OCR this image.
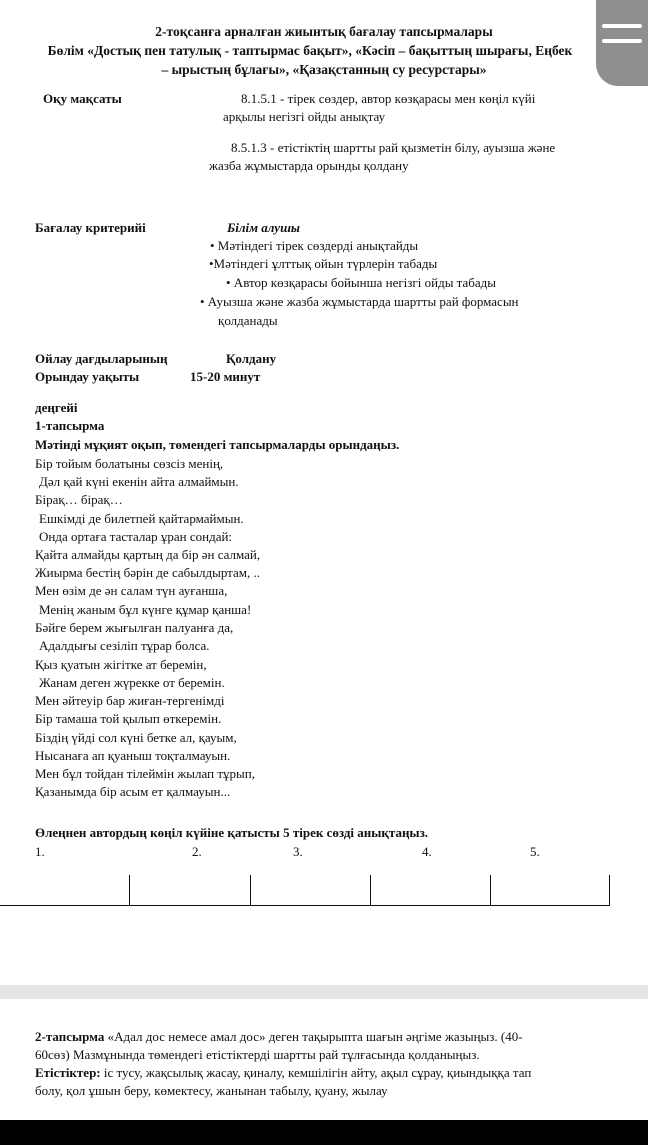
2-тоқсанға арналған жиынтық бағалау тапсырмалары
Бөлім «Достық пен татулық - таптырмас бақыт», «Кәсіп – бақыттың шырағы, Еңбек
– ырыстың бұлағы», «Қазақстанның су ресурстары»
Оқу мақсаты	8.1.5.1 - тірек сөздер, автор көзқарасы мен көңіл күйі
арқылы негізгі ойды анықтау
8.5.1.3 - етістіктің шартты рай қызметін білу, ауызша және
жазба жұмыстарда орынды қолдану
Бағалау критерийі	Білім алушы
• Мәтіндегі тірек сөздерді анықтайды
•Мәтіндегі ұлттық ойын түрлерін табады
• Автор көзқарасы бойынша негізгі ойды табады
• Ауызша және жазба жұмыстарда шартты рай формасын
қолданады
Ойлау дағдыларының	Қолдану
Орындау уақыты	15-20 минут
деңгейі
1-тапсырма
Мәтінді мұқият оқып, төмендегі тапсырмаларды орындаңыз.
Бір тойым болатыны сөзсіз менің,
Дәл қай күні екенін айта алмаймын.
Бірақ… бірақ…
Ешкімді де билетпей қайтармаймын.
Онда ортаға тасталар ұран сондай:
Қайта алмайды қартың да бір ән салмай,
Жиырма бестің бәрін де сабылдыртам, ..
Мен өзім де ән салам түн ауғанша,
Менің жаным бұл күнге құмар қанша!
Бәйге берем жығылған палуанға да,
Адалдығы сезіліп тұрар болса.
Қыз қуатын жігітке ат беремін,
Жанам деген жүрекке от беремін.
Мен әйтеуір бар жиған-тергенімді
Бір тамаша той қылып өткеремін.
Біздің үйді сол күні бетке ал, қауым,
Нысанаға ап қуаныш тоқталмауын.
Мен бұл тойдан тілеймін жылап тұрып,
Қазанымда бір асым ет қалмауын...
Өлеңнен автордың көңіл күйіне қатысты 5 тірек сөзді анықтаңыз.
1.	2.	3.	4.	5.
2-тапсырма «Адал дос немесе амал дос» деген тақырыпта шағын әңгіме жазыңыз. (40-
60сөз) Мазмұнында төмендегі етістіктерді шартты рай тұлғасында қолданыңыз.
Етістіктер: іс тусу, жақсылық жасау, қиналу, кемшілігін айту, ақыл сұрау, қиындыққа тап
болу, қол ұшын беру, көмектесу, жанынан табылу, қуану, жылау
